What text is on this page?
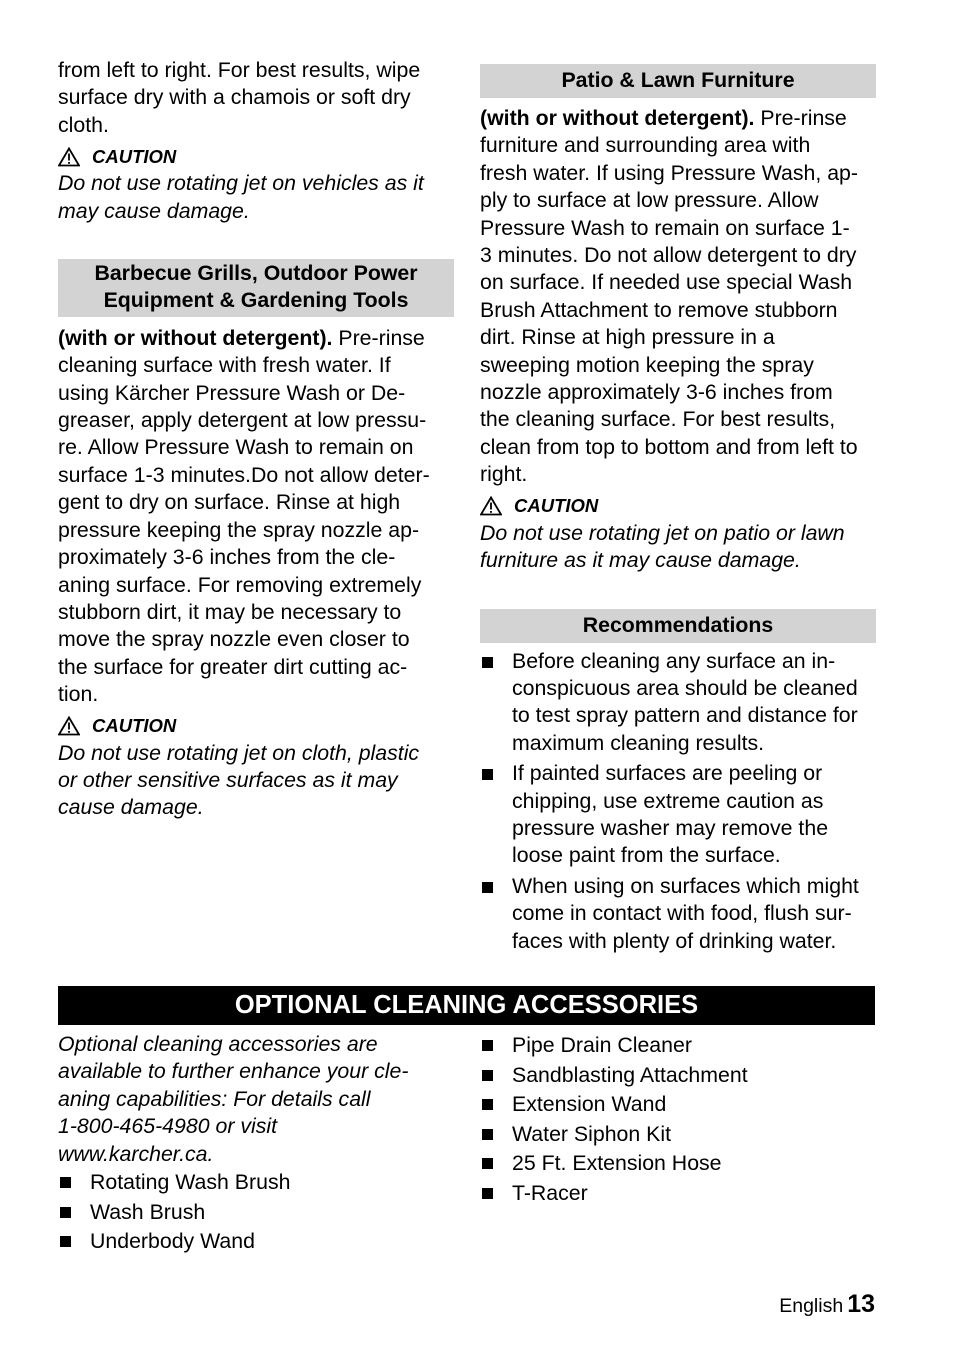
from left to right. For best results, wipe
surface dry with a chamois or soft dry
cloth.
CAUTION
Do not use rotating jet on vehicles as it
may cause damage.
Barbecue Grills, Outdoor Power
Equipment & Gardening Tools
(with or without detergent). Pre-rinse
cleaning surface with fresh water. If
using Kärcher Pressure Wash or De-
greaser, apply detergent at low pressu-
re. Allow Pressure Wash to remain on
surface 1-3 minutes.Do not allow deter-
gent to dry on surface. Rinse at high
pressure keeping the spray nozzle ap-
proximately 3-6 inches from the cle-
aning surface. For removing extremely
stubborn dirt, it may be necessary to
move the spray nozzle even closer to
the surface for greater dirt cutting ac-
tion.
CAUTION
Do not use rotating jet on cloth, plastic
or other sensitive surfaces as it may
cause damage.
Patio & Lawn Furniture
(with or without detergent). Pre-rinse
furniture and surrounding area with
fresh water. If using Pressure Wash, ap-
ply to surface at low pressure. Allow
Pressure Wash to remain on surface 1-
3 minutes. Do not allow detergent to dry
on surface. If needed use special Wash
Brush Attachment to remove stubborn
dirt. Rinse at high pressure in a
sweeping motion keeping the spray
nozzle approximately 3-6 inches from
the cleaning surface. For best results,
clean from top to bottom and from left to
right.
CAUTION
Do not use rotating jet on patio or lawn
furniture as it may cause damage.
Recommendations
Before cleaning any surface an in-
conspicuous area should be cleaned
to test spray pattern and distance for
maximum cleaning results.
If painted surfaces are peeling or
chipping, use extreme caution as
pressure washer may remove the
loose paint from the surface.
When using on surfaces which might
come in contact with food, flush sur-
faces with plenty of drinking water.
OPTIONAL CLEANING ACCESSORIES
Optional cleaning accessories are
available to further enhance your cle-
aning capabilities: For details call
1-800-465-4980 or visit
www.karcher.ca.
Rotating Wash Brush
Wash Brush
Underbody Wand
Pipe Drain Cleaner
Sandblasting Attachment
Extension Wand
Water Siphon Kit
25 Ft. Extension Hose
T-Racer
English 13
